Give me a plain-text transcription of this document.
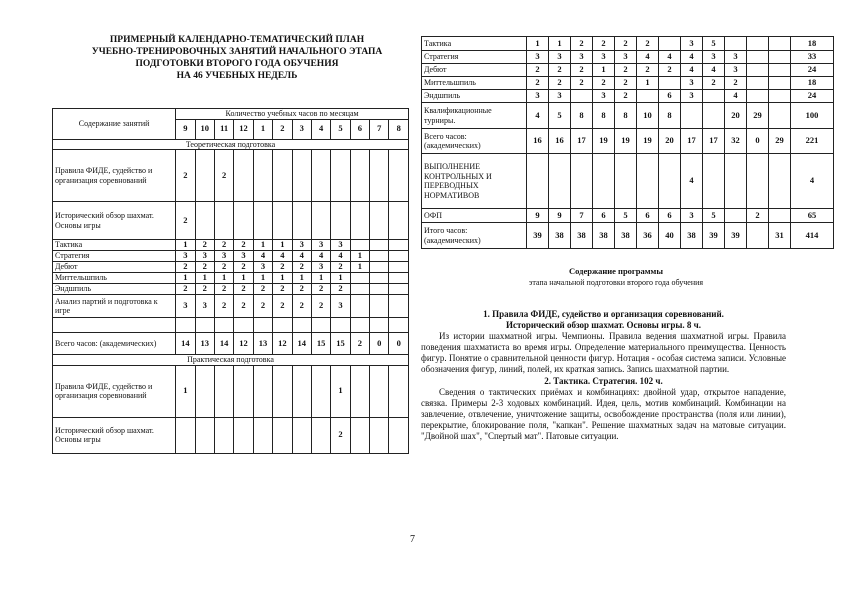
ПРИМЕРНЫЙ КАЛЕНДАРНО-ТЕМАТИЧЕСКИЙ ПЛАН
УЧЕБНО-ТРЕНИРОВОЧНЫХ ЗАНЯТИЙ НАЧАЛЬНОГО ЭТАПА
ПОДГОТОВКИ ВТОРОГО ГОДА ОБУЧЕНИЯ
НА 46 УЧЕБНЫХ НЕДЕЛЬ
Содержание занятий	Количество учебных часов по месяцам											
	9	10	11	12	1	2	3	4	5	6	7	8
Теоретическая подготовка												
Правила ФИДЕ, судейство и организация соревнований	2		2									
Исторический обзор шахмат. Основы игры	2											
Тактика	1	2	2	2	1	1	3	3	3			
Стратегия	3	3	3	3	4	4	4	4	4	1		
Дебют	2	2	2	2	3	2	2	3	2	1		
Миттельшпиль	1	1	1	1	1	1	1	1	1			
Эндшпиль	2	2	2	2	2	2	2	2	2			
Анализ партий и подготовка к игре	3	3	2	2	2	2	2	2	3			

Всего часов: (академических)	14	13	14	12	13	12	14	15	15	2	0	0
Практическая подготовка												
Правила ФИДЕ, судейство и организация соревнований	1								1			
Исторический обзор шахмат. Основы игры									2			
Тактика	1	1	2	2	2	2		3	5				18
Стратегия	3	3	3	3	3	4	4	4	3	3			33
Дебют	2	2	2	1	2	2	2	4	4	3			24
Миттельшпиль	2	2	2	2	2	1		3	2	2			18
Эндшпиль	3	3		3	2		6	3		4			24
Квалификационные турниры.	4	5	8	8	8	10	8			20	29		100
Всего часов: (академических)	16	16	17	19	19	19	20	17	17	32	0	29	221
ВЫПОЛНЕНИЕ КОНТРОЛЬНЫХ И ПЕРЕВОДНЫХ НОРМАТИВОВ								4					4
ОФП	9	9	7	6	5	6	6	3	5		2		65
Итого часов: (академических)	39	38	38	38	38	36	40	38	39	39		31	414
Содержание программы
этапа начальной подготовки второго года обучения
1. Правила ФИДЕ, судейство и организация соревнований.
Исторический обзор шахмат. Основы игры. 8 ч.

Из истории шахматной игры. Чемпионы. Правила ведения шахматной игры. Правила поведения шахматиста во время игры. Определение материального преимущества. Ценность фигур. Понятие о сравнительной ценности фигур. Нотация - особая система записи. Условные обозначения фигур, линий, полей, их краткая запись. Запись шахматной партии.

2. Тактика. Стратегия. 102 ч.

Сведения о тактических приёмах и комбинациях: двойной удар, открытое нападение, связка. Примеры 2-3 ходовых комбинаций. Идея, цель, мотив комбинаций. Комбинации на завлечение, отвлечение, уничтожение защиты, освобождение пространства (поля или линии), перекрытие, блокирование поля, "капкан". Решение шахматных задач на матовые ситуации. "Двойной шах", "Спертый мат". Патовые ситуации.

7
